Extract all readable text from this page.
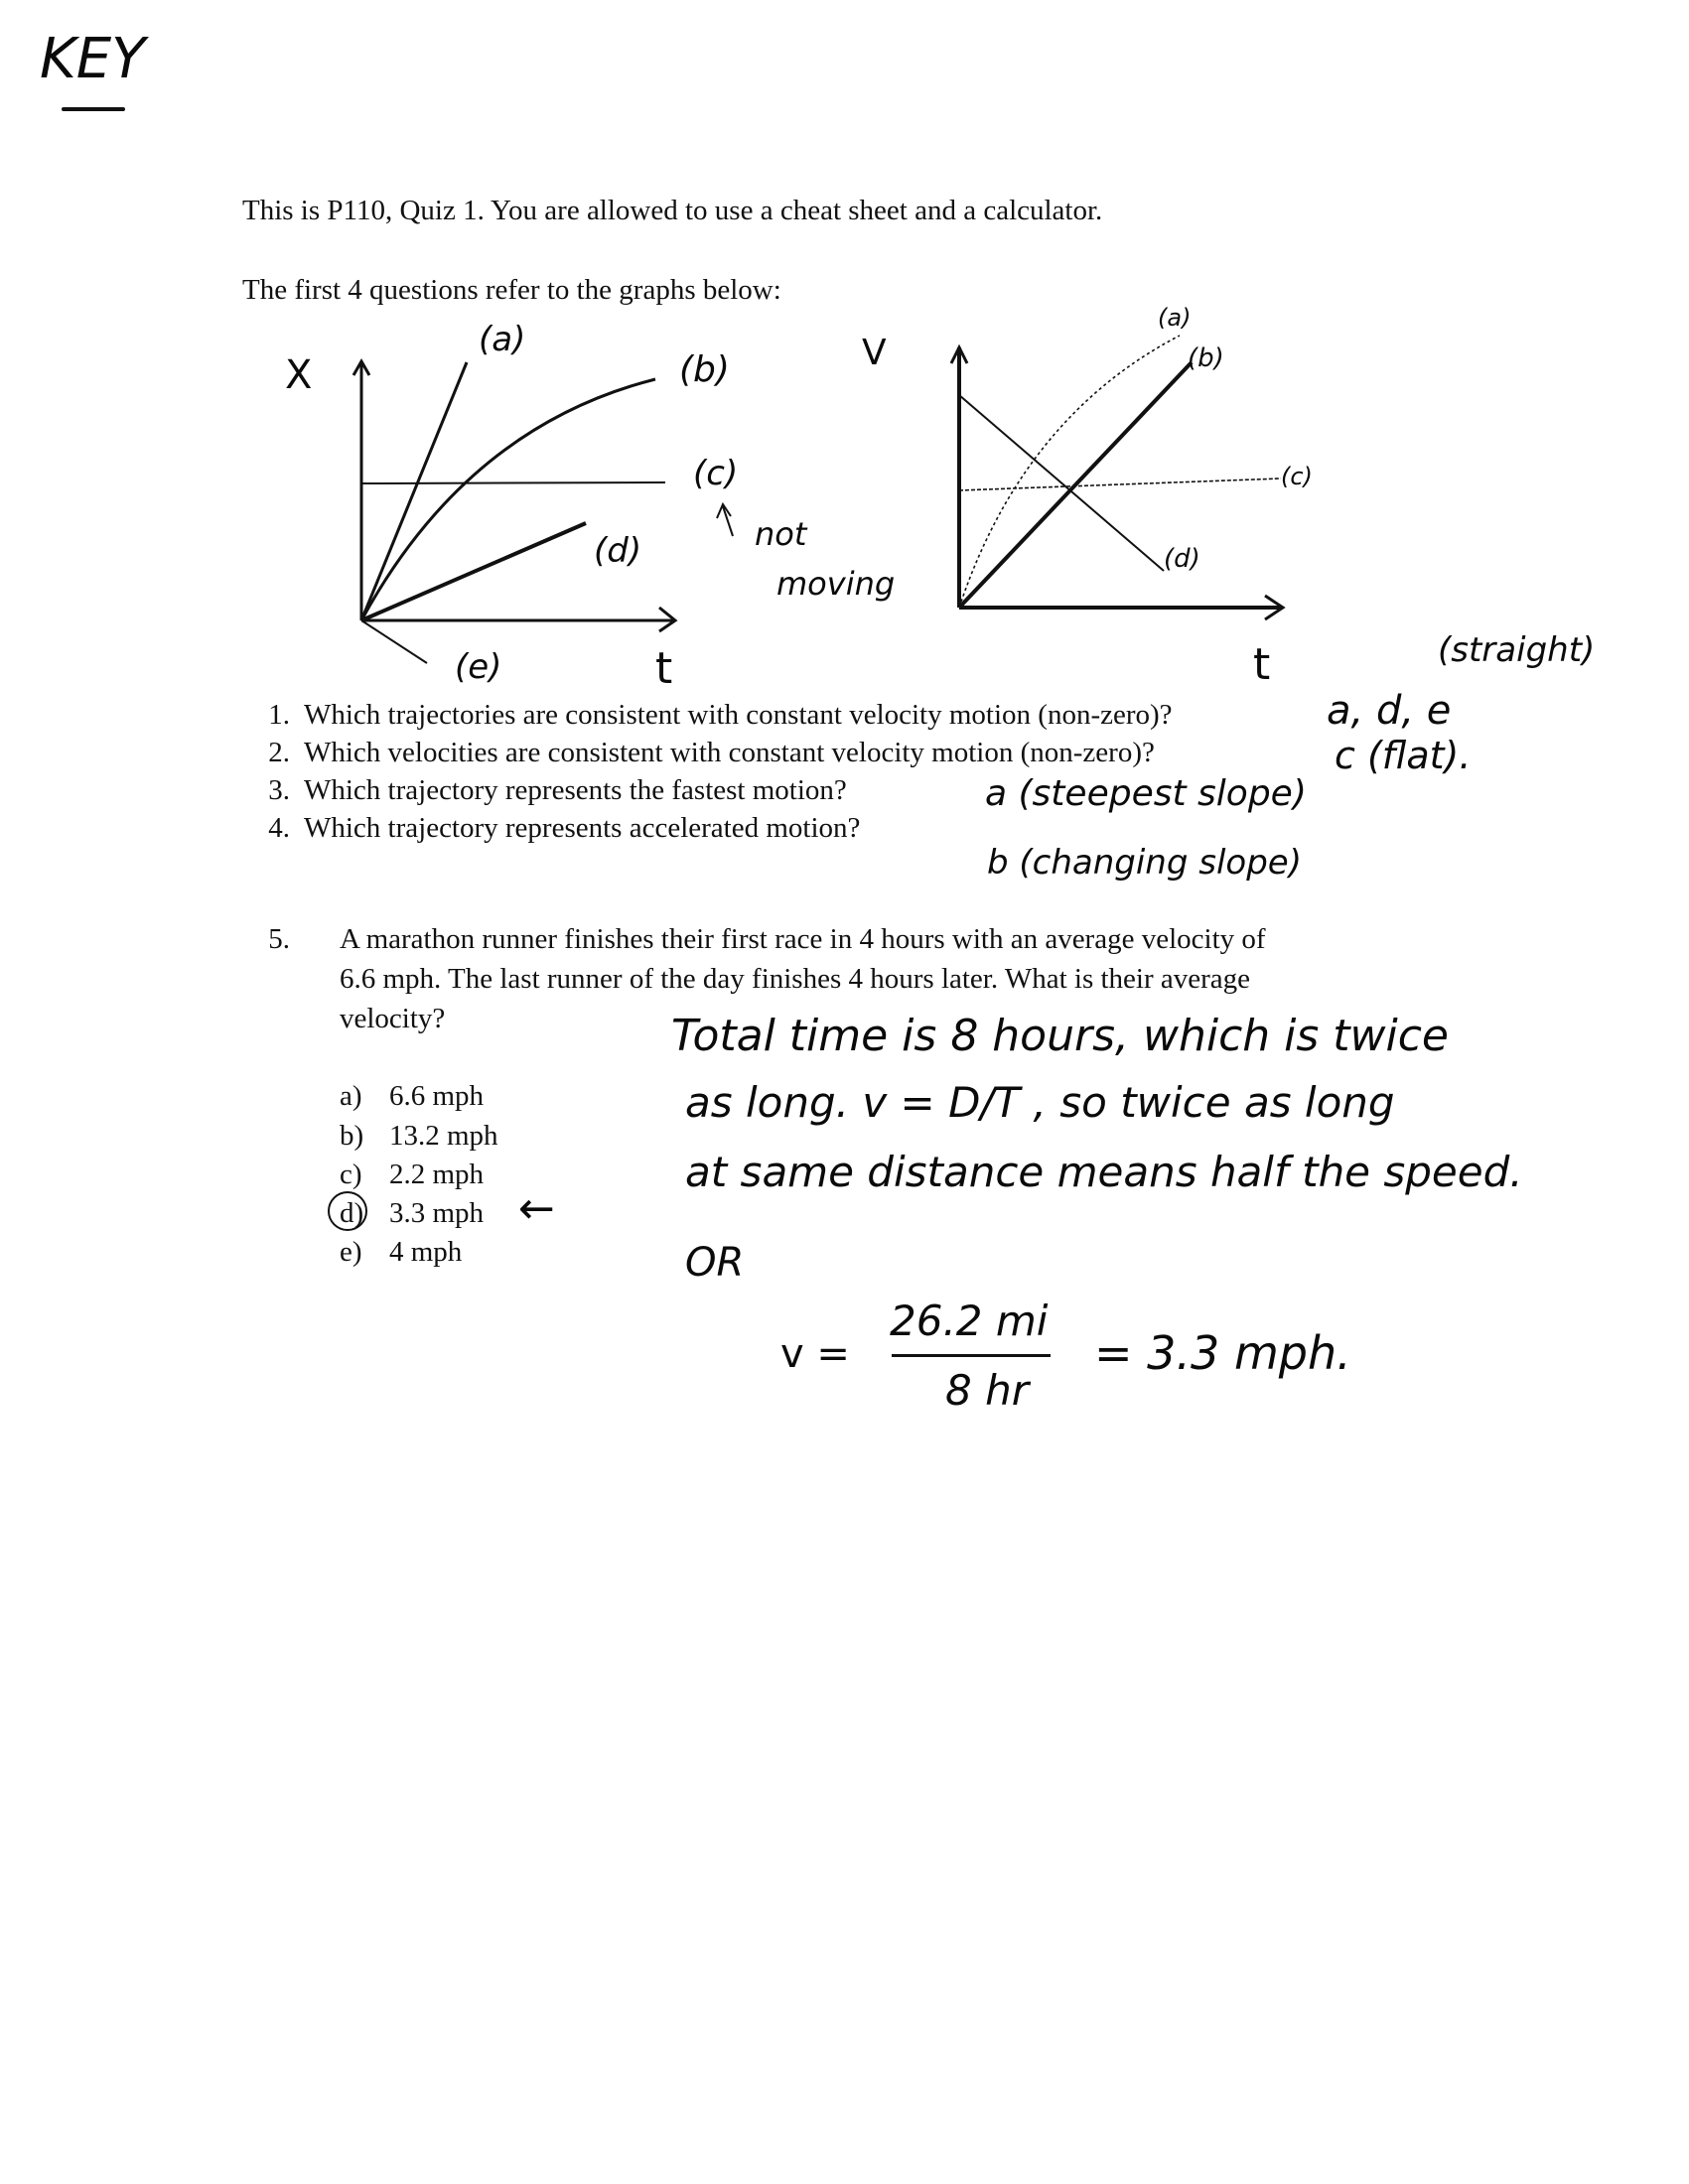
KEY
This is P110, Quiz 1. You are allowed to use a cheat sheet and a calculator.
The first 4 questions refer to the graphs below:
X
t
(a)
(b)
(c)
(d)
(e)
not
moving
V
t
(a)
(b)
(c)
(d)
1. Which trajectories are consistent with constant velocity motion (non-zero)?
2. Which velocities are consistent with constant velocity motion (non-zero)?
3. Which trajectory represents the fastest motion?
4. Which trajectory represents accelerated motion?
(straight)
a, d, e
c (flat).
a (steepest slope)
b (changing slope)
5.	A marathon runner finishes their first race in 4 hours with an average velocity of
6.6 mph. The last runner of the day finishes 4 hours later. What is their average
velocity?
a) 6.6 mph
b) 13.2 mph
c) 2.2 mph
d) 3.3 mph
e) 4 mph
←
Total time is 8 hours, which is twice
as long. v = D/T , so twice as long
at same distance means half the speed.
OR
v =
26.2 mi
8 hr
= 3.3 mph.
